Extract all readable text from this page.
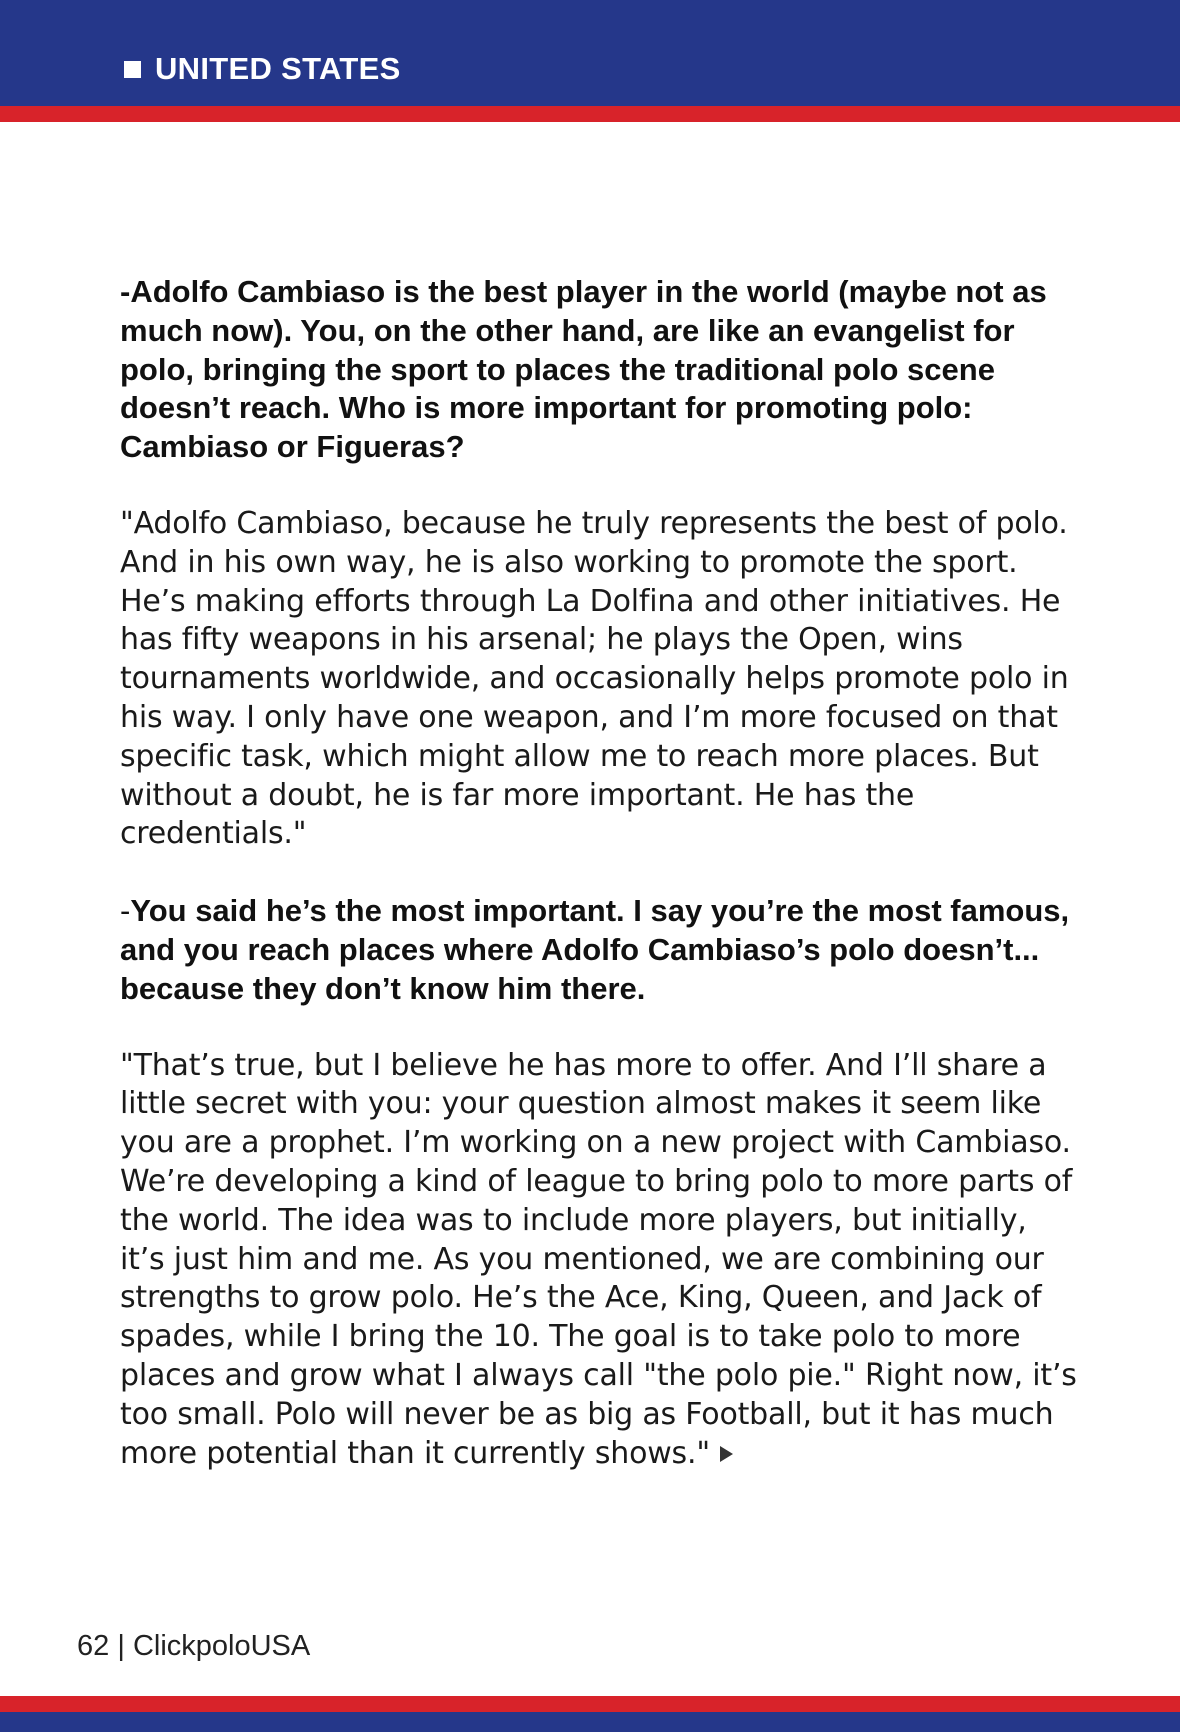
UNITED STATES

-Adolfo Cambiaso is the best player in the world (maybe not as much now). You, on the other hand, are like an evangelist for polo, bringing the sport to places the traditional polo scene doesn’t reach. Who is more important for promoting polo: Cambiaso or Figueras?

"Adolfo Cambiaso, because he truly represents the best of polo. And in his own way, he is also working to promote the sport. He’s making efforts through La Dolfina and other initiatives. He has fifty weapons in his arsenal; he plays the Open, wins tournaments worldwide, and occasionally helps promote polo in his way. I only have one weapon, and I’m more focused on that specific task, which might allow me to reach more places. But without a doubt, he is far more important. He has the credentials."

-You said he’s the most important. I say you’re the most famous, and you reach places where Adolfo Cambiaso’s polo doesn’t... because they don’t know him there.

"That’s true, but I believe he has more to offer. And I’ll share a little secret with you: your question almost makes it seem like you are a prophet. I’m working on a new project with Cambiaso. We’re developing a kind of league to bring polo to more parts of the world. The idea was to include more players, but initially, it’s just him and me. As you mentioned, we are combining our strengths to grow polo. He’s the Ace, King, Queen, and Jack of spades, while I bring the 10. The goal is to take polo to more places and grow what I always call "the polo pie." Right now, it’s too small. Polo will never be as big as Football, but it has much more potential than it currently shows."

62 | ClickpoloUSA
